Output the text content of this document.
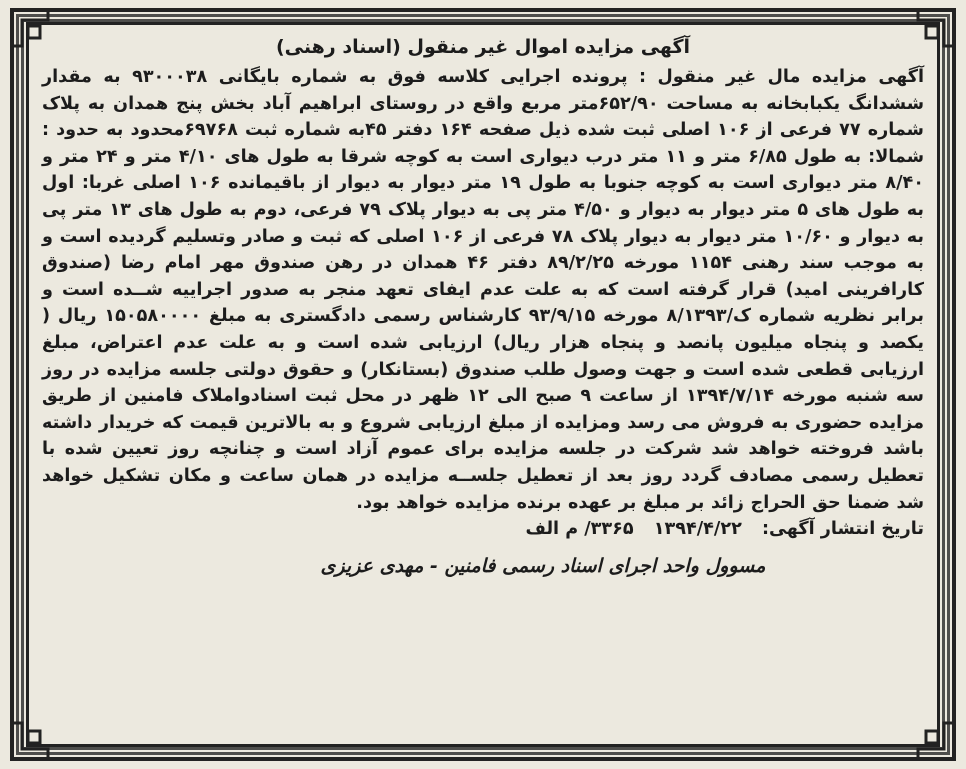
آگهی مزایده اموال غیر منقول (اسناد رهنی)

آگهی مزایده مال غیر منقول : پرونده اجرایی کلاسه فوق به شماره بایگانی ۹۳۰۰۰۳۸ به مقدار ششدانگ یکبابخانه به مساحت ۶۵۲/۹۰متر مربع واقع در روستای ابراهیم آباد بخش پنج همدان به پلاک شماره ۷۷ فرعی از ۱۰۶ اصلی ثبت شده ذیل صفحه ۱۶۴ دفتر ۴۵به شماره ثبت ۶۹۷۶۸محدود به حدود : شمالا: به طول ۶/۸۵ متر و ۱۱ متر درب دیواری است به کوچه شرقا به طول های ۴/۱۰ متر و ۲۴ متر و ۸/۴۰ متر دیواری است به کوچه جنوبا به طول ۱۹ متر دیوار به دیوار از باقیمانده ۱۰۶ اصلی غربا: اول به طول های ۵ متر دیوار به دیوار و ۴/۵۰ متر پی به دیوار پلاک ۷۹ فرعی، دوم به طول های ۱۳ متر پی به دیوار و ۱۰/۶۰ متر دیوار به دیوار پلاک ۷۸ فرعی از ۱۰۶ اصلی که ثبت و صادر وتسلیم گردیده است و به موجب سند رهنی ۱۱۵۴ مورخه ۸۹/۲/۲۵ دفتر ۴۶ همدان در رهن صندوق مهر امام رضا (صندوق کارافرینی امید) قرار گرفته است که به علت عدم ایفای تعهد منجر به صدور اجراییه شــده است و برابر نظریه شماره ک/۸/۱۳۹۳ مورخه ۹۳/۹/۱۵ کارشناس رسمی دادگستری به مبلغ ۱۵۰۵۸۰۰۰۰ ریال ( یکصد و پنجاه میلیون پانصد و پنجاه هزار ریال) ارزیابی شده است و به علت عدم اعتراض، مبلغ ارزیابی قطعی شده است و جهت وصول طلب صندوق (بستانکار) و حقوق دولتی جلسه مزایده در روز سه شنبه مورخه ۱۳۹۴/۷/۱۴ از ساعت ۹ صبح الی ۱۲ ظهر در محل ثبت اسنادواملاک فامنین از طریق مزایده حضوری به فروش می رسد ومزایده از مبلغ ارزیابی شروع و به بالاترین قیمت که خریدار داشته باشد فروخته خواهد شد شرکت در جلسه مزایده برای عموم آزاد است و چنانچه روز تعیین شده با تعطیل رسمی مصادف گردد روز بعد از تعطیل جلســه مزایده در همان ساعت و مکان تشکیل خواهد شد ضمنا حق الحراج زائد بر مبلغ بر عهده برنده مزایده خواهد بود.

تاریخ انتشار آگهی: ۱۳۹۴/۴/۲۲ ۳۳۶۵/ م الف

مسوول واحد اجرای اسناد رسمی فامنین - مهدی عزیزی
